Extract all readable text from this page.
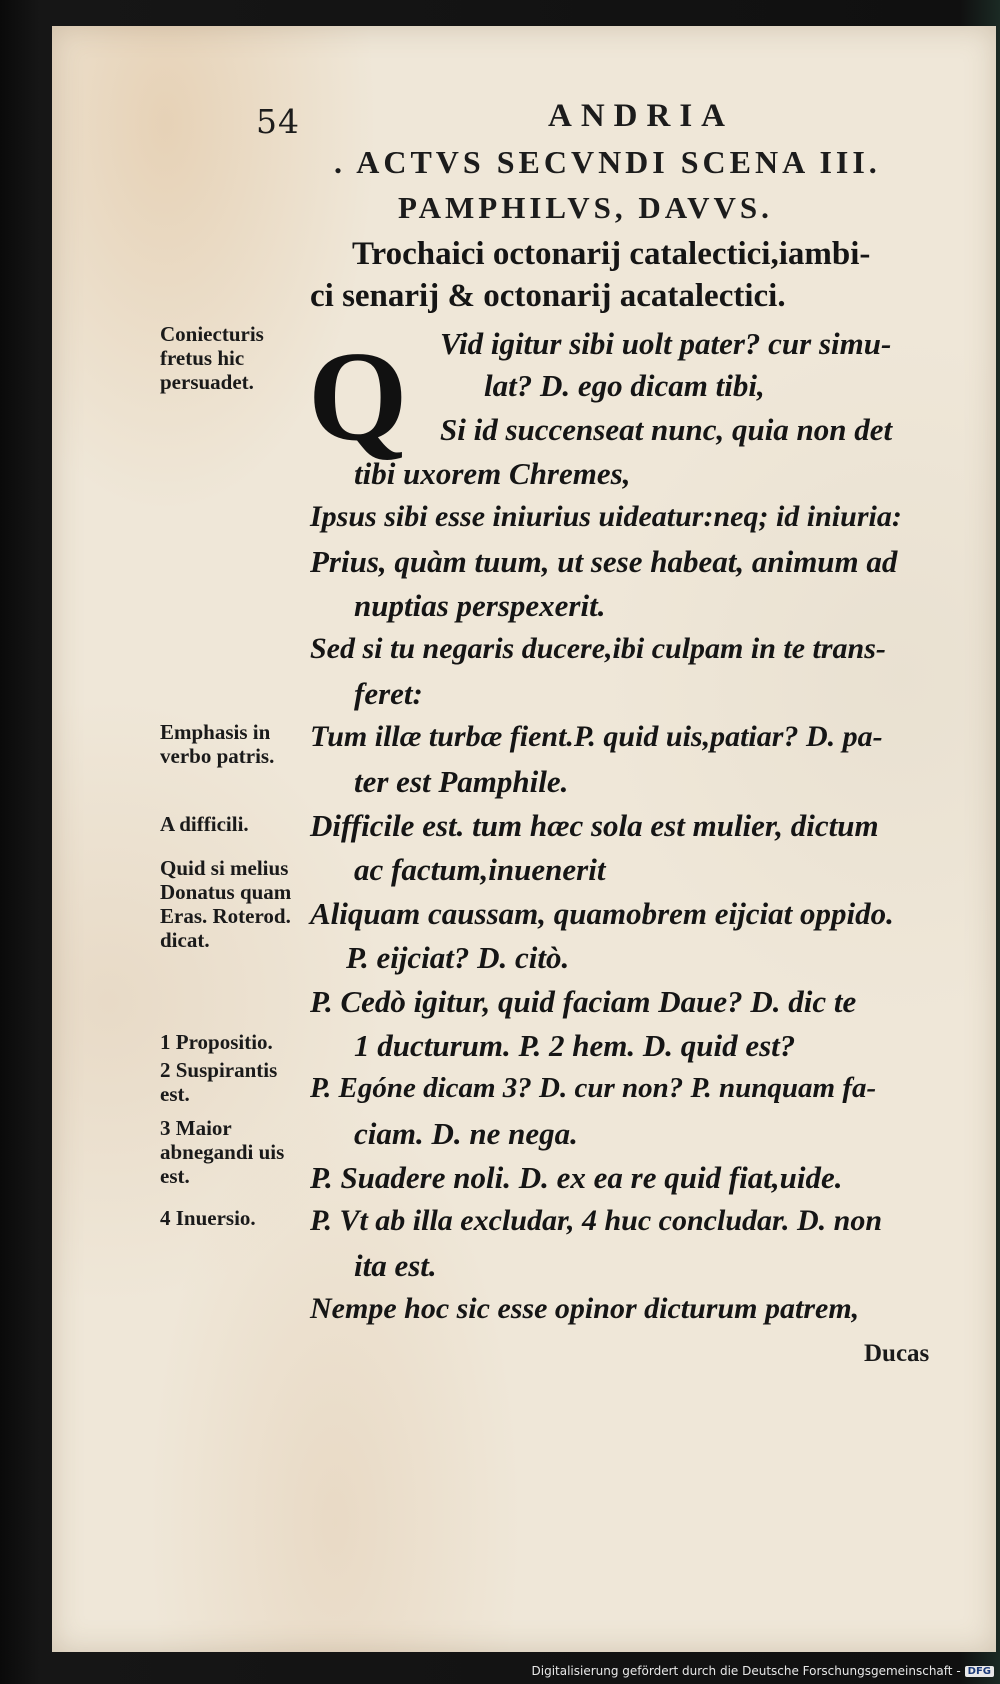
54	ANDRIA
. ACTVS SECVNDI SCENA III.
PAMPHILVS, DAVVS.
Trochaici octonarij catalectici,iambi-
ci senarij & octonarij acatalectici.
Q Vid igitur sibi uolt pater? cur simu-
lat? D. ego dicam tibi,
Si id succenseat nunc, quia non det
tibi uxorem Chremes,
Ipsus sibi esse iniurius uideatur:neq; id iniuria:
Prius, quàm tuum, ut sese habeat, animum ad
nuptias perspexerit.
Sed si tu negaris ducere,ibi culpam in te trans-
feret:
Tum illæ turbæ fient.P. quid uis,patiar? D. pa-
ter est Pamphile.
Difficile est. tum hæc sola est mulier, dictum
ac factum,inuenerit
Aliquam caussam, quamobrem eijciat oppido.
P. eijciat? D. citò.
P. Cedò igitur, quid faciam Daue? D. dic te
1 ducturum. P. 2 hem. D. quid est?
P. Egóne dicam 3? D. cur non? P. nunquam fa-
ciam. D. ne nega.
P. Suadere noli. D. ex ea re quid fiat,uide.
P. Vt ab illa excludar, 4 huc concludar. D. non
ita est.
Nempe hoc sic esse opinor dicturum patrem,
Ducas
Coniecturis fretus hic persuadet.
Emphasis in verbo patris.
A difficili.
Quid si melius Donatus quam Eras. Roterod. dicat.
1 Propositio.
2 Suspirantis est.
3 Maior abnegandi uis est.
4 Inuersio.
Digitalisierung gefördert durch die Deutsche Forschungsgemeinschaft - DFG
